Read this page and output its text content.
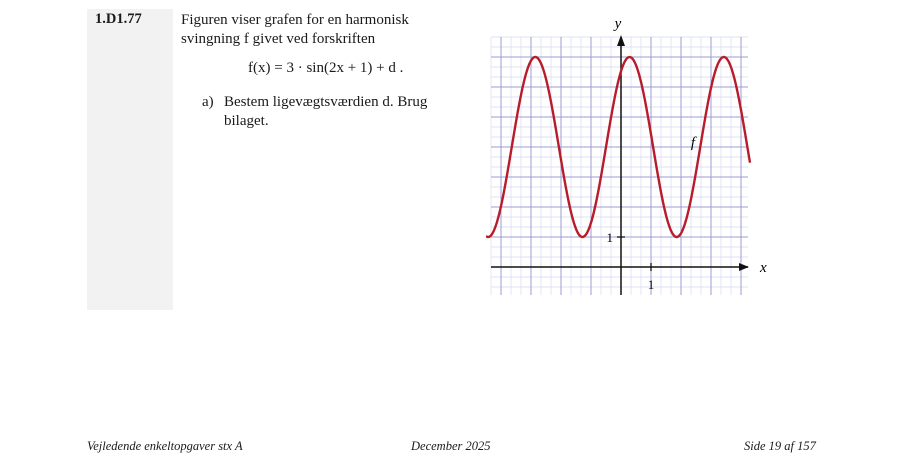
1.D1.77	Figuren viser grafen for en harmonisk svingning f givet ved forskriften
f(x) = 3 · sin(2x + 1) + d .
a) Bestem ligevægtsværdien d. Brug bilaget.
y
x
f
1
1
Vejledende enkeltopgaver stx A	December 2025	Side 19 af 157
